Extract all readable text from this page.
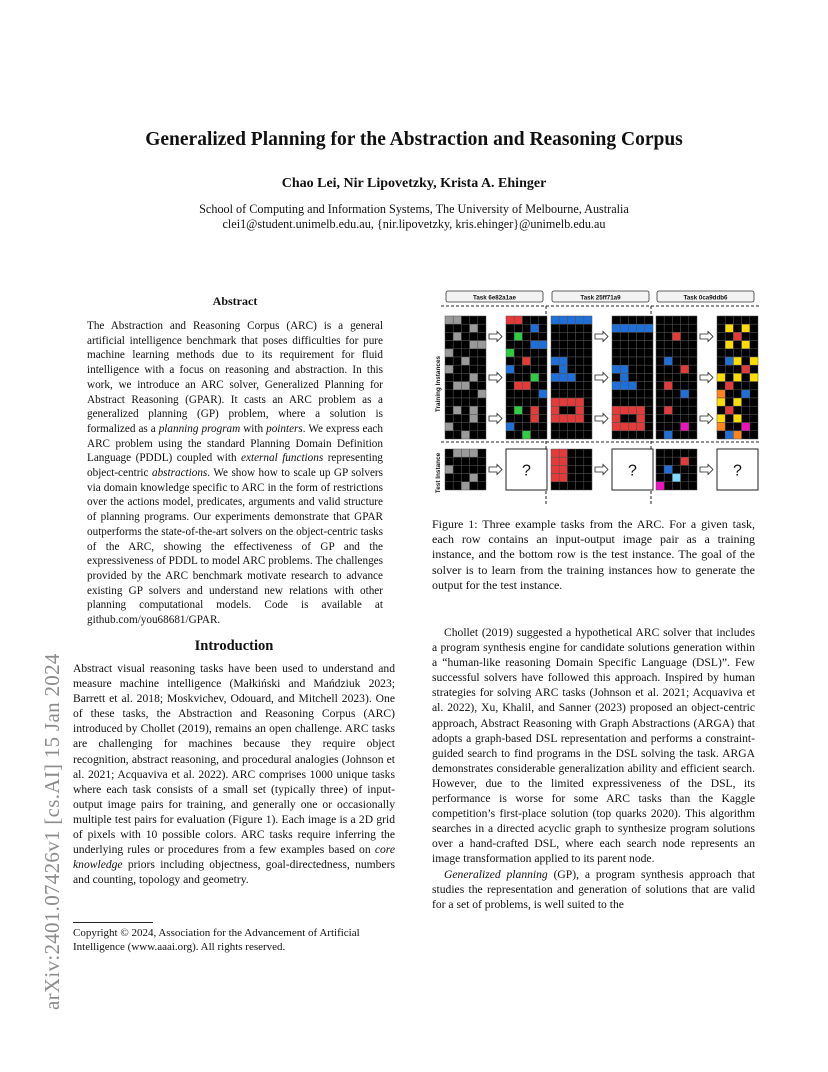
arXiv:2401.07426v1 [cs.AI] 15 Jan 2024
Generalized Planning for the Abstraction and Reasoning Corpus
Chao Lei, Nir Lipovetzky, Krista A. Ehinger
School of Computing and Information Systems, The University of Melbourne, Australia
clei1@student.unimelb.edu.au, {nir.lipovetzky, kris.ehinger}@unimelb.edu.au
Abstract

The Abstraction and Reasoning Corpus (ARC) is a general artificial intelligence benchmark that poses difficulties for pure machine learning methods due to its requirement for fluid intelligence with a focus on reasoning and abstraction. In this work, we introduce an ARC solver, Generalized Planning for Abstract Reasoning (GPAR). It casts an ARC problem as a generalized planning (GP) problem, where a solution is formalized as a planning program with pointers. We express each ARC problem using the standard Planning Domain Definition Language (PDDL) coupled with external functions representing object-centric abstractions. We show how to scale up GP solvers via domain knowledge specific to ARC in the form of restrictions over the actions model, predicates, arguments and valid structure of planning programs. Our experiments demonstrate that GPAR outperforms the state-of-the-art solvers on the object-centric tasks of the ARC, showing the effectiveness of GP and the expressiveness of PDDL to model ARC problems. The challenges provided by the ARC benchmark motivate research to advance existing GP solvers and understand new relations with other planning computational models. Code is available at github.com/you68681/GPAR.

Introduction

Abstract visual reasoning tasks have been used to understand and measure machine intelligence (Małkiński and Mańdziuk 2023; Barrett et al. 2018; Moskvichev, Odouard, and Mitchell 2023). One of these tasks, the Abstraction and Reasoning Corpus (ARC) introduced by Chollet (2019), remains an open challenge. ARC tasks are challenging for machines because they require object recognition, abstract reasoning, and procedural analogies (Johnson et al. 2021; Acquaviva et al. 2022). ARC comprises 1000 unique tasks where each task consists of a small set (typically three) of input-output image pairs for training, and generally one or occasionally multiple test pairs for evaluation (Figure 1). Each image is a 2D grid of pixels with 10 possible colors. ARC tasks require inferring the underlying rules or procedures from a few examples based on core knowledge priors including objectness, goal-directedness, numbers and counting, topology and geometry.

Copyright © 2024, Association for the Advancement of Artificial Intelligence (www.aaai.org). All rights reserved.
Task 6e82a1ae	Task 25ff71a9	Task 0ca9ddb6
Training Instances
Test Instance	?	?	?
Figure 1: Three example tasks from the ARC. For a given task, each row contains an input-output image pair as a training instance, and the bottom row is the test instance. The goal of the solver is to learn from the training instances how to generate the output for the test instance.

Chollet (2019) suggested a hypothetical ARC solver that includes a program synthesis engine for candidate solutions generation within a “human-like reasoning Domain Specific Language (DSL)”. Few successful solvers have followed this approach. Inspired by human strategies for solving ARC tasks (Johnson et al. 2021; Acquaviva et al. 2022), Xu, Khalil, and Sanner (2023) proposed an object-centric approach, Abstract Reasoning with Graph Abstractions (ARGA) that adopts a graph-based DSL representation and performs a constraint-guided search to find programs in the DSL solving the task. ARGA demonstrates considerable generalization ability and efficient search. However, due to the limited expressiveness of the DSL, its performance is worse for some ARC tasks than the Kaggle competition’s first-place solution (top quarks 2020). This algorithm searches in a directed acyclic graph to synthesize program solutions over a hand-crafted DSL, where each search node represents an image transformation applied to its parent node.

Generalized planning (GP), a program synthesis approach that studies the representation and generation of solutions that are valid for a set of problems, is well suited to the
